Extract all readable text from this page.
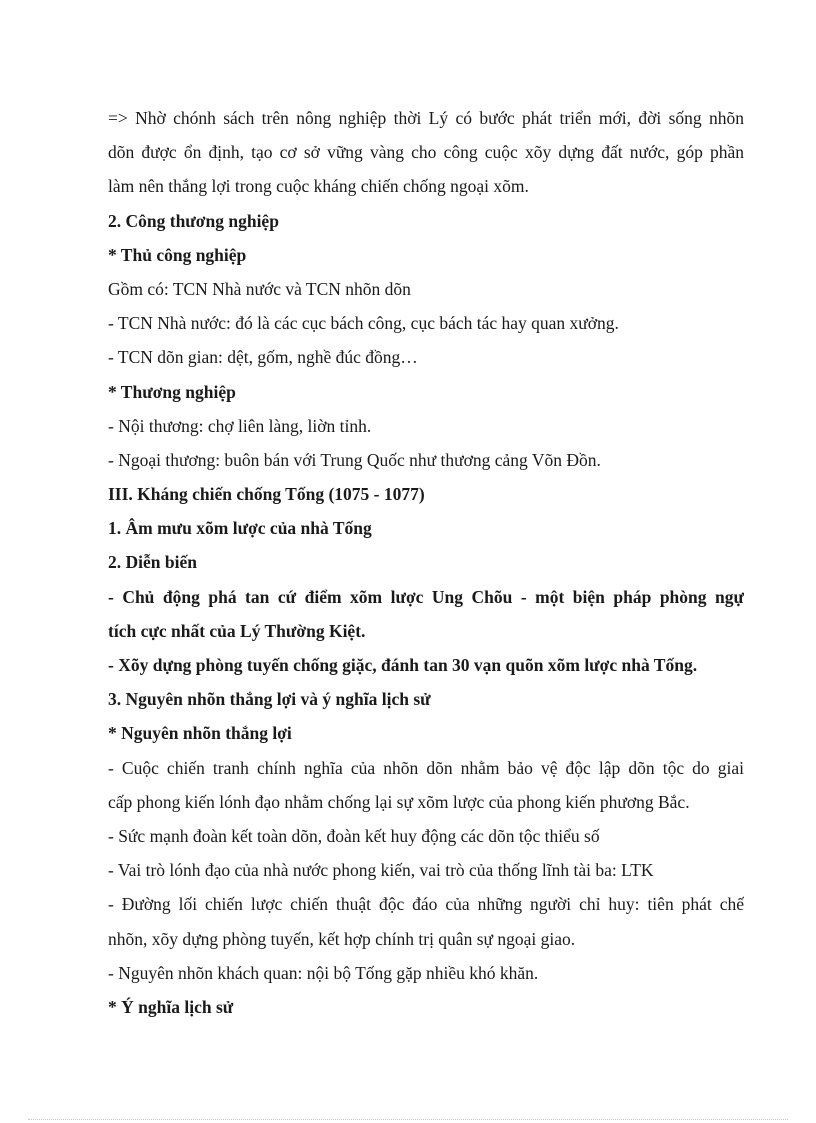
=> Nhờ chónh sách trên nông nghiệp thời Lý có bước phát triển mới, đời sống nhõn
dõn được ổn định, tạo cơ sở vững vàng cho công cuộc xõy dựng đất nước, góp phần
làm nên thắng lợi trong cuộc kháng chiến chống ngoại xõm.
2. Công thương nghiệp
* Thủ công nghiệp
Gồm có: TCN Nhà nước và TCN nhõn dõn
- TCN Nhà nước: đó là các cục bách công, cục bách tác hay quan xưởng.
- TCN dõn gian: dệt, gốm, nghề đúc đồng…
* Thương nghiệp
- Nội thương: chợ liên làng, liờn tỉnh.
- Ngoại thương: buôn bán với Trung Quốc như thương cảng Võn Đồn.
III. Kháng chiến chống Tống (1075 - 1077)
1. Âm mưu xõm lược của nhà Tống
2. Diễn biến
- Chủ động phá tan cứ điểm xõm lược Ung Chõu - một biện pháp phòng ngự
tích cực nhất của Lý Thường Kiệt.
- Xõy dựng phòng tuyến chống giặc, đánh tan 30 vạn quõn xõm lược nhà Tống.
3. Nguyên nhõn thắng lợi và ý nghĩa lịch sử
* Nguyên nhõn thắng lợi
- Cuộc chiến tranh chính nghĩa của nhõn dõn nhằm bảo vệ độc lập dõn tộc do giai
cấp phong kiến lónh đạo nhằm chống lại sự xõm lược của phong kiến phương Bắc.
- Sức mạnh đoàn kết toàn dõn, đoàn kết huy động các dõn tộc thiểu số
- Vai trò lónh đạo của nhà nước phong kiến, vai trò của thống lĩnh tài ba: LTK
- Đường lối chiến lược chiến thuật độc đáo của những người chỉ huy: tiên phát chế
nhõn, xõy dựng phòng tuyến, kết hợp chính trị quân sự ngoại giao.
- Nguyên nhõn khách quan: nội bộ Tống gặp nhiều khó khăn.
* Ý nghĩa lịch sử
